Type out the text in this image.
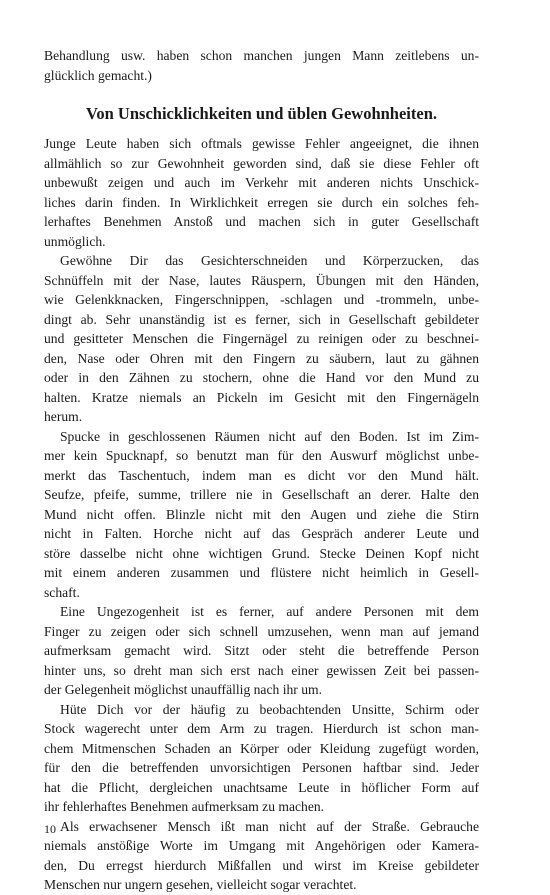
Behandlung usw. haben schon manchen jungen Mann zeitlebens un-
glücklich gemacht.)
Von Unschicklichkeiten und üblen Gewohnheiten.
Junge Leute haben sich oftmals gewisse Fehler angeeignet, die ihnen
allmählich so zur Gewohnheit geworden sind, daß sie diese Fehler oft
unbewußt zeigen und auch im Verkehr mit anderen nichts Unschick-
liches darin finden. In Wirklichkeit erregen sie durch ein solches feh-
lerhaftes Benehmen Anstoß und machen sich in guter Gesellschaft
unmöglich.
Gewöhne Dir das Gesichterschneiden und Körperzucken, das
Schnüffeln mit der Nase, lautes Räuspern, Übungen mit den Händen,
wie Gelenkknacken, Fingerschnippen, -schlagen und -trommeln, unbe-
dingt ab. Sehr unanständig ist es ferner, sich in Gesellschaft gebildeter
und gesitteter Menschen die Fingernägel zu reinigen oder zu beschnei-
den, Nase oder Ohren mit den Fingern zu säubern, laut zu gähnen
oder in den Zähnen zu stochern, ohne die Hand vor den Mund zu
halten. Kratze niemals an Pickeln im Gesicht mit den Fingernägeln
herum.
Spucke in geschlossenen Räumen nicht auf den Boden. Ist im Zim-
mer kein Spucknapf, so benutzt man für den Auswurf möglichst unbe-
merkt das Taschentuch, indem man es dicht vor den Mund hält.
Seufze, pfeife, summe, trillere nie in Gesellschaft an derer. Halte den
Mund nicht offen. Blinzle nicht mit den Augen und ziehe die Stirn
nicht in Falten. Horche nicht auf das Gespräch anderer Leute und
störe dasselbe nicht ohne wichtigen Grund. Stecke Deinen Kopf nicht
mit einem anderen zusammen und flüstere nicht heimlich in Gesell-
schaft.
Eine Ungezogenheit ist es ferner, auf andere Personen mit dem
Finger zu zeigen oder sich schnell umzusehen, wenn man auf jemand
aufmerksam gemacht wird. Sitzt oder steht die betreffende Person
hinter uns, so dreht man sich erst nach einer gewissen Zeit bei passen-
der Gelegenheit möglichst unauffällig nach ihr um.
Hüte Dich vor der häufig zu beobachtenden Unsitte, Schirm oder
Stock wagerecht unter dem Arm zu tragen. Hierdurch ist schon man-
chem Mitmenschen Schaden an Körper oder Kleidung zugefügt worden,
für den die betreffenden unvorsichtigen Personen haftbar sind. Jeder
hat die Pflicht, dergleichen unachtsame Leute in höflicher Form auf
ihr fehlerhaftes Benehmen aufmerksam zu machen.
Als erwachsener Mensch ißt man nicht auf der Straße. Gebrauche
niemals anstößige Worte im Umgang mit Angehörigen oder Kamera-
den, Du erregst hierdurch Mißfallen und wirst im Kreise gebildeter
Menschen nur ungern gesehen, vielleicht sogar verachtet.
10
